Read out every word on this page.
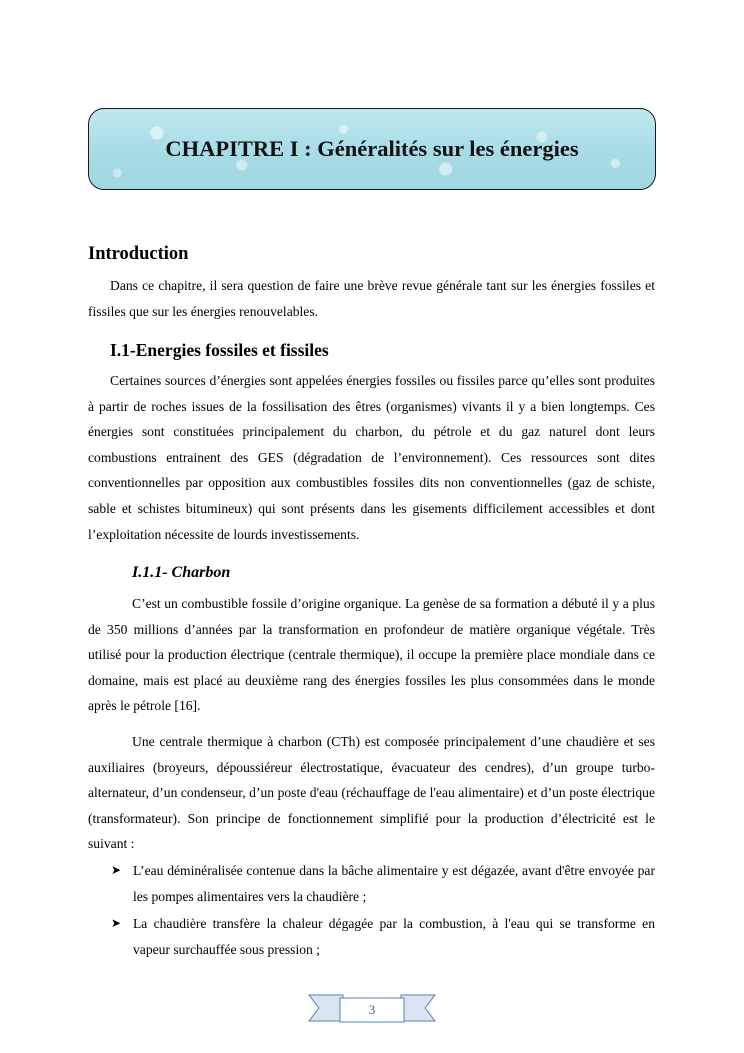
CHAPITRE I : Généralités sur les énergies
Introduction
Dans ce chapitre, il sera question de faire une brève revue générale tant sur les énergies fossiles et fissiles que sur les énergies renouvelables.
I.1-Energies fossiles et fissiles
Certaines sources d’énergies sont appelées énergies fossiles ou fissiles parce qu’elles sont produites à partir de roches issues de la fossilisation des êtres (organismes) vivants il y a bien longtemps. Ces énergies sont constituées principalement du charbon, du pétrole et du gaz naturel dont leurs combustions entrainent des GES (dégradation de l’environnement). Ces ressources sont dites conventionnelles par opposition aux combustibles fossiles dits non conventionnelles (gaz de schiste, sable et schistes bitumineux) qui sont présents dans les gisements difficilement accessibles et dont l’exploitation nécessite de lourds investissements.
I.1.1- Charbon
C’est un combustible fossile d’origine organique. La genèse de sa formation a débuté il y a plus de 350 millions d’années par la transformation en profondeur de matière organique végétale. Très utilisé pour la production électrique (centrale thermique), il occupe la première place mondiale dans ce domaine, mais est placé au deuxième rang des énergies fossiles les plus consommées dans le monde après le pétrole [16].
Une centrale thermique à charbon (CTh) est composée principalement d’une chaudière et ses auxiliaires (broyeurs, dépoussiéreur électrostatique, évacuateur des cendres), d’un groupe turbo-alternateur, d’un condenseur, d’un poste d'eau (réchauffage de l'eau alimentaire) et d’un poste électrique (transformateur). Son principe de fonctionnement simplifié pour la production d’électricité est le suivant :
➤ L’eau déminéralisée contenue dans la bâche alimentaire y est dégazée, avant d'être envoyée par les pompes alimentaires vers la chaudière ;
➤ La chaudière transfère la chaleur dégagée par la combustion, à l'eau qui se transforme en vapeur surchauffée sous pression ;
3
